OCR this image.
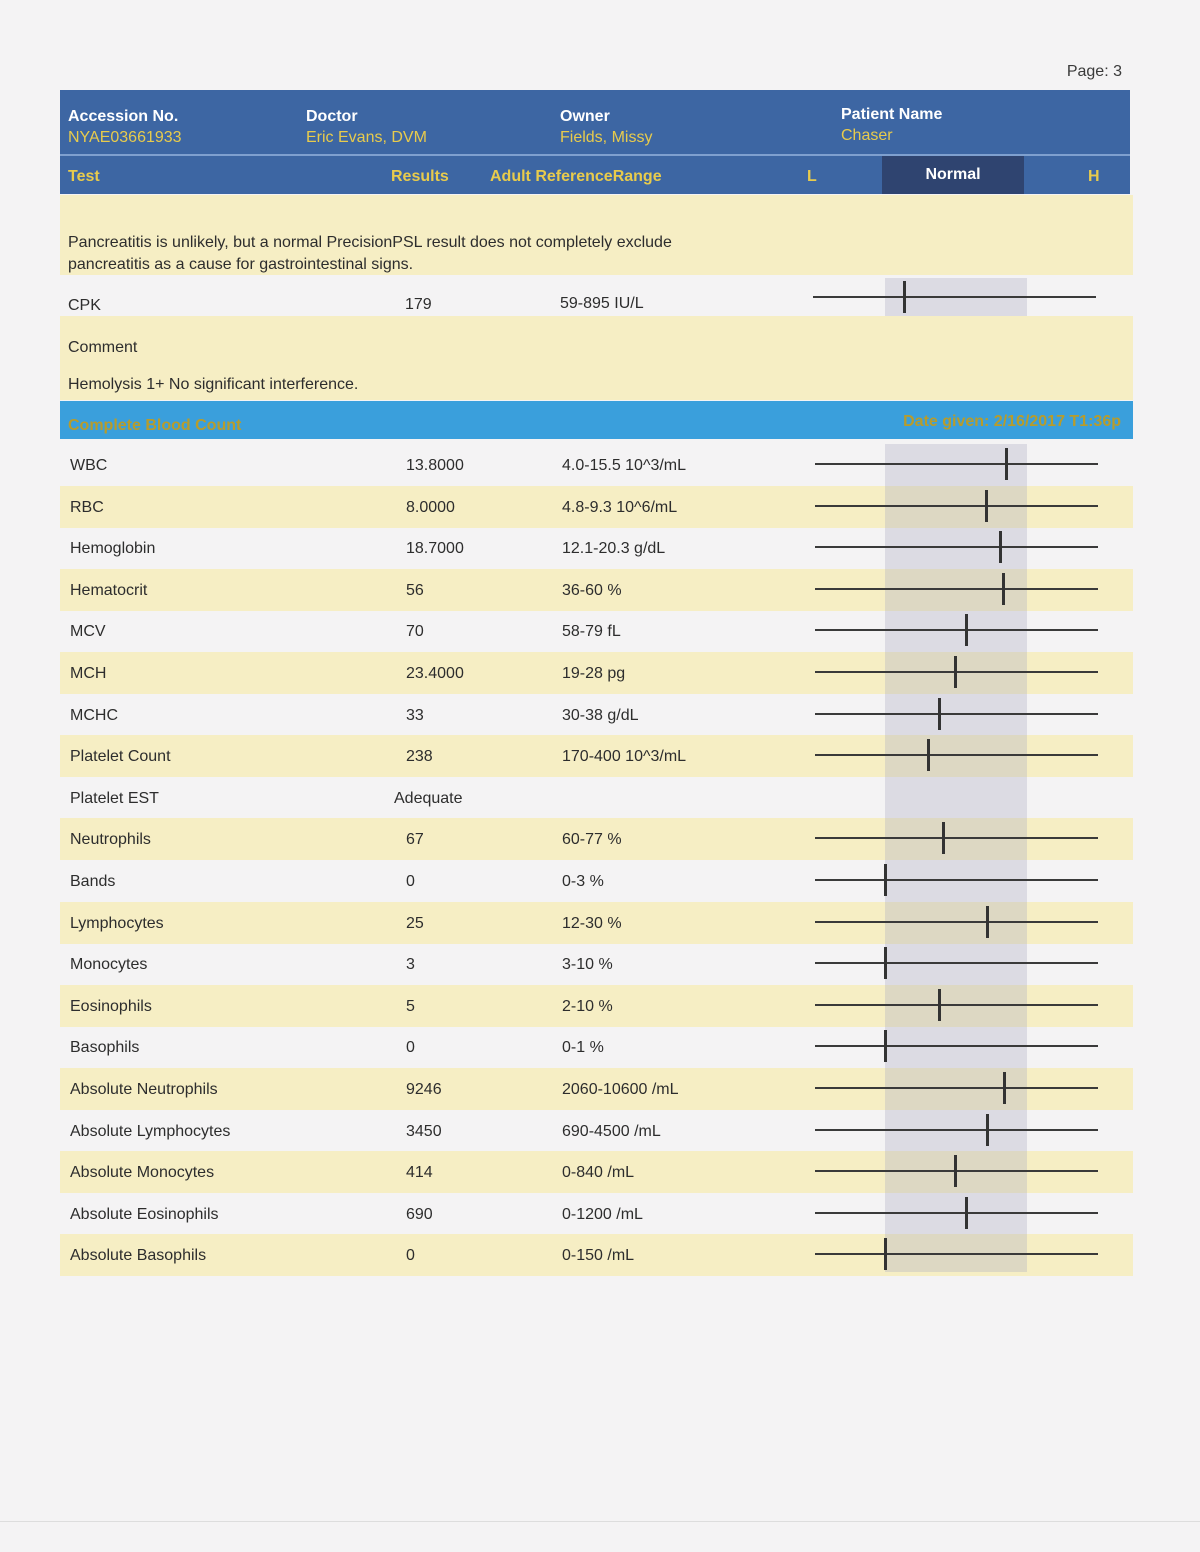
Page: 3
Accession No.
NYAE03661933
Doctor
Eric Evans, DVM
Owner
Fields, Missy
Patient Name
Chaser
Test	Results	Adult ReferenceRange	L	Normal	H
Pancreatitis is unlikely, but a normal PrecisionPSL result does not completely exclude
pancreatitis as a cause for gastrointestinal signs.
CPK	179	59-895 IU/L
Comment
Hemolysis 1+ No significant interference.
Complete Blood Count	Date given: 2/16/2017 T1:36p
WBC	13.8000	4.0-15.5 10^3/mL
RBC	8.0000	4.8-9.3 10^6/mL
Hemoglobin	18.7000	12.1-20.3 g/dL
Hematocrit	56	36-60 %
MCV	70	58-79 fL
MCH	23.4000	19-28 pg
MCHC	33	30-38 g/dL
Platelet Count	238	170-400 10^3/mL
Platelet EST	Adequate
Neutrophils	67	60-77 %
Bands	0	0-3 %
Lymphocytes	25	12-30 %
Monocytes	3	3-10 %
Eosinophils	5	2-10 %
Basophils	0	0-1 %
Absolute Neutrophils	9246	2060-10600 /mL
Absolute Lymphocytes	3450	690-4500 /mL
Absolute Monocytes	414	0-840 /mL
Absolute Eosinophils	690	0-1200 /mL
Absolute Basophils	0	0-150 /mL
